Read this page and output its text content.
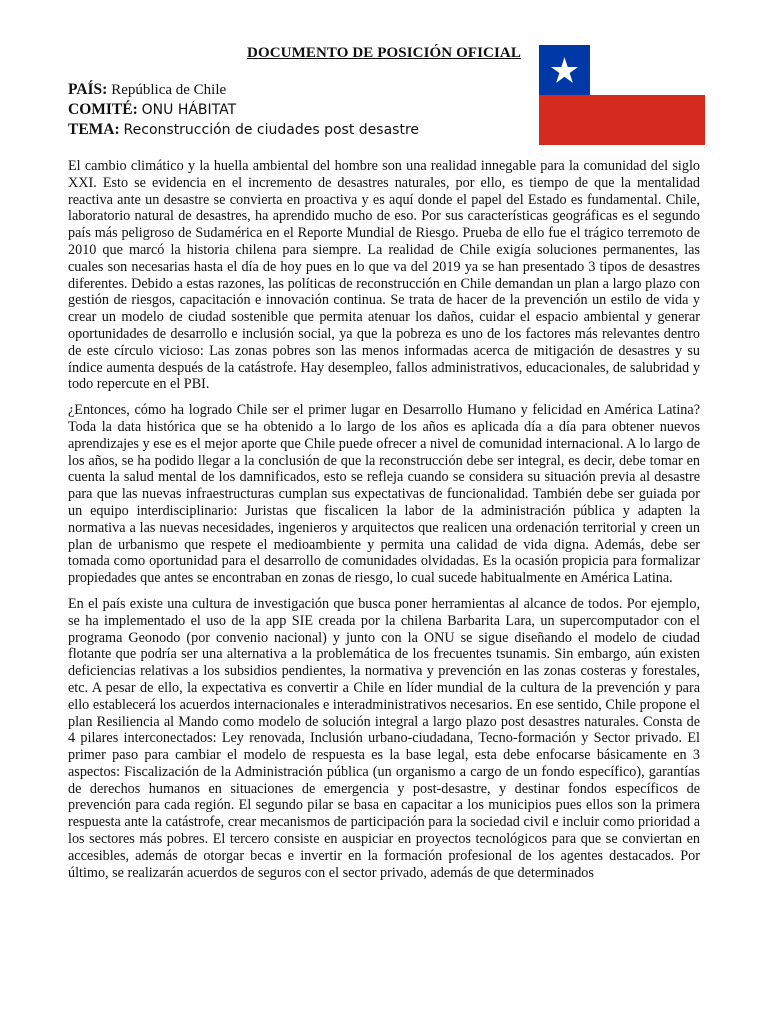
DOCUMENTO DE POSICIÓN OFICIAL
PAÍS: República de Chile
COMITÉ: ONU HÁBITAT
TEMA: Reconstrucción de ciudades post desastre

El cambio climático y la huella ambiental del hombre son una realidad innegable para la comunidad del siglo XXI. Esto se evidencia en el incremento de desastres naturales, por ello, es tiempo de que la mentalidad reactiva ante un desastre se convierta en proactiva y es aquí donde el papel del Estado es fundamental. Chile, laboratorio natural de desastres, ha aprendido mucho de eso. Por sus características geográficas es el segundo país más peligroso de Sudamérica en el Reporte Mundial de Riesgo. Prueba de ello fue el trágico terremoto de 2010 que marcó la historia chilena para siempre. La realidad de Chile exigía soluciones permanentes, las cuales son necesarias hasta el día de hoy pues en lo que va del 2019 ya se han presentado 3 tipos de desastres diferentes. Debido a estas razones, las políticas de reconstrucción en Chile demandan un plan a largo plazo con gestión de riesgos, capacitación e innovación continua. Se trata de hacer de la prevención un estilo de vida y crear un modelo de ciudad sostenible que permita atenuar los daños, cuidar el espacio ambiental y generar oportunidades de desarrollo e inclusión social, ya que la pobreza es uno de los factores más relevantes dentro de este círculo vicioso: Las zonas pobres son las menos informadas acerca de mitigación de desastres y su índice aumenta después de la catástrofe. Hay desempleo, fallos administrativos, educacionales, de salubridad y todo repercute en el PBI.

¿Entonces, cómo ha logrado Chile ser el primer lugar en Desarrollo Humano y felicidad en América Latina? Toda la data histórica que se ha obtenido a lo largo de los años es aplicada día a día para obtener nuevos aprendizajes y ese es el mejor aporte que Chile puede ofrecer a nivel de comunidad internacional. A lo largo de los años, se ha podido llegar a la conclusión de que la reconstrucción debe ser integral, es decir, debe tomar en cuenta la salud mental de los damnificados, esto se refleja cuando se considera su situación previa al desastre para que las nuevas infraestructuras cumplan sus expectativas de funcionalidad. También debe ser guiada por un equipo interdisciplinario: Juristas que fiscalicen la labor de la administración pública y adapten la normativa a las nuevas necesidades, ingenieros y arquitectos que realicen una ordenación territorial y creen un plan de urbanismo que respete el medioambiente y permita una calidad de vida digna. Además, debe ser tomada como oportunidad para el desarrollo de comunidades olvidadas. Es la ocasión propicia para formalizar propiedades que antes se encontraban en zonas de riesgo, lo cual sucede habitualmente en América Latina.

En el país existe una cultura de investigación que busca poner herramientas al alcance de todos. Por ejemplo, se ha implementado el uso de la app SIE creada por la chilena Barbarita Lara, un supercomputador con el programa Geonodo (por convenio nacional) y junto con la ONU se sigue diseñando el modelo de ciudad flotante que podría ser una alternativa a la problemática de los frecuentes tsunamis. Sin embargo, aún existen deficiencias relativas a los subsidios pendientes, la normativa y prevención en las zonas costeras y forestales, etc. A pesar de ello, la expectativa es convertir a Chile en líder mundial de la cultura de la prevención y para ello establecerá los acuerdos internacionales e interadministrativos necesarios. En ese sentido, Chile propone el plan Resiliencia al Mando como modelo de solución integral a largo plazo post desastres naturales. Consta de 4 pilares interconectados: Ley renovada, Inclusión urbano-ciudadana, Tecno-formación y Sector privado. El primer paso para cambiar el modelo de respuesta es la base legal, esta debe enfocarse básicamente en 3 aspectos: Fiscalización de la Administración pública (un organismo a cargo de un fondo específico), garantías de derechos humanos en situaciones de emergencia y post-desastre, y destinar fondos específicos de prevención para cada región. El segundo pilar se basa en capacitar a los municipios pues ellos son la primera respuesta ante la catástrofe, crear mecanismos de participación para la sociedad civil e incluir como prioridad a los sectores más pobres. El tercero consiste en auspiciar en proyectos tecnológicos para que se conviertan en accesibles, además de otorgar becas e invertir en la formación profesional de los agentes destacados. Por último, se realizarán acuerdos de seguros con el sector privado, además de que determinados
